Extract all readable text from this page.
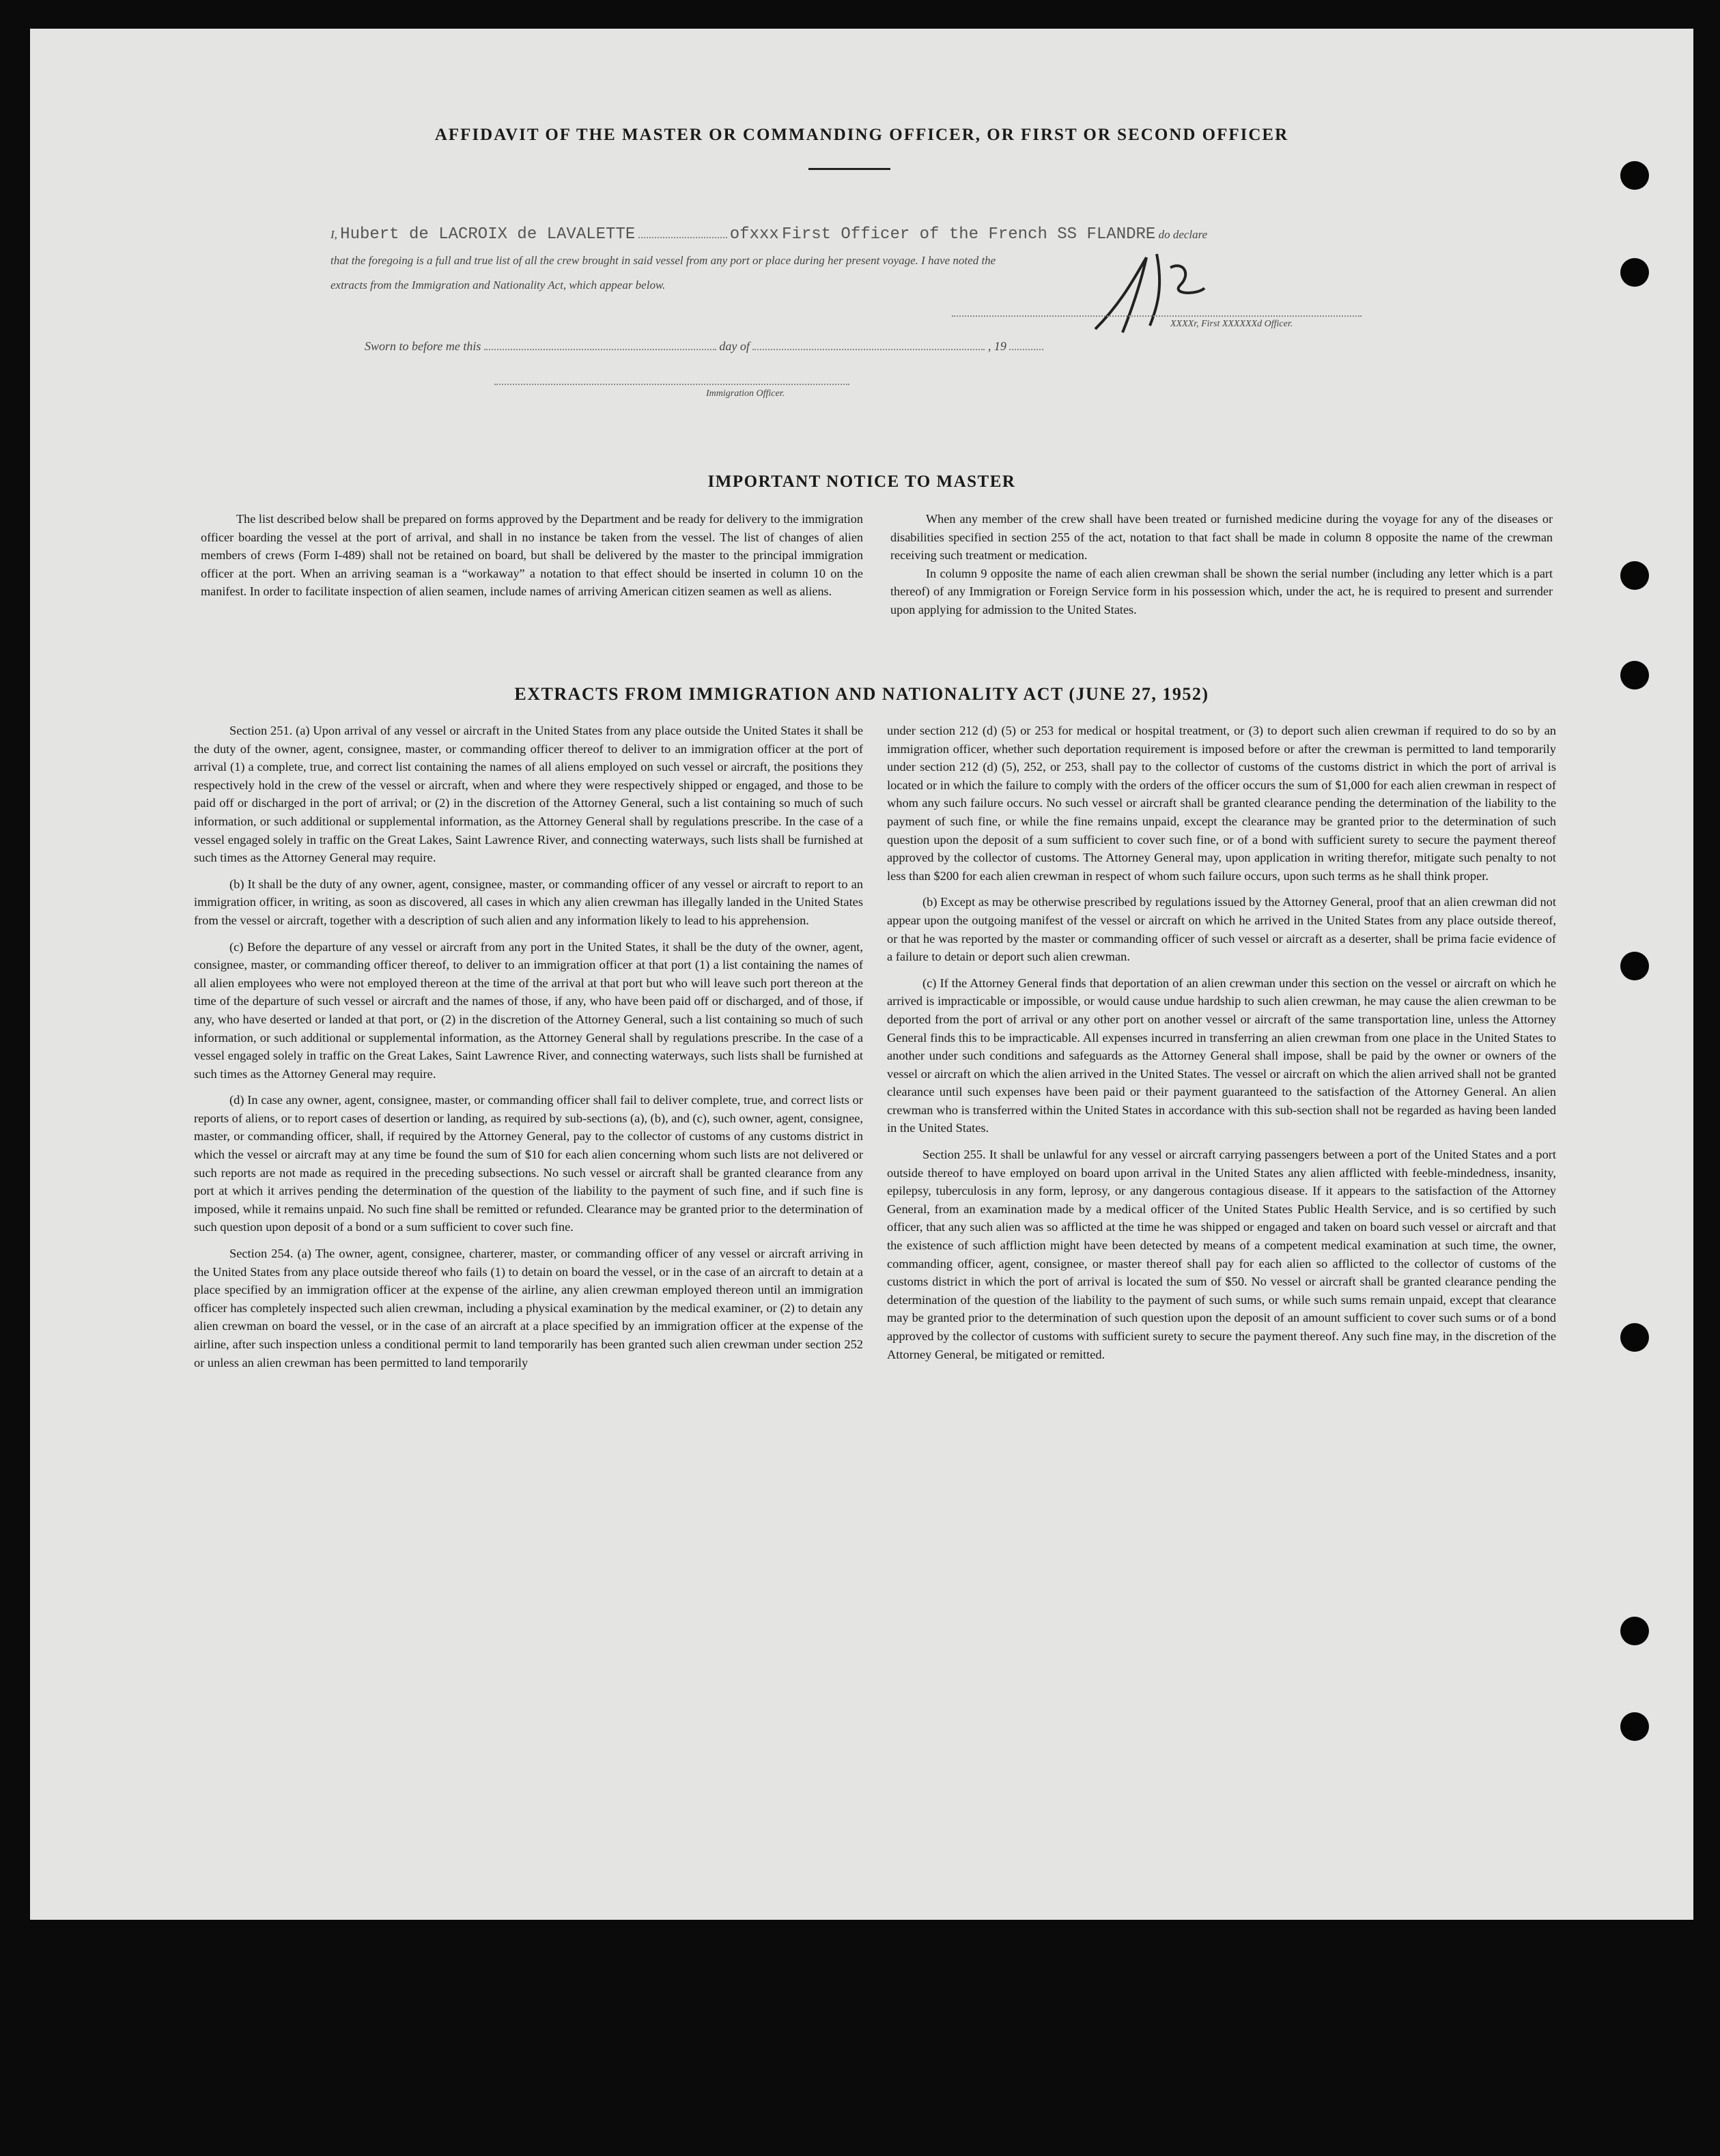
AFFIDAVIT OF THE MASTER OR COMMANDING OFFICER, OR FIRST OR SECOND OFFICER
I, Hubert de LACROIX de LAVALETTE	ofxxx First Officer of the French SS FLANDRE do declare
that the foregoing is a full and true list of all the crew brought in said vessel from any port or place during her present voyage. I have noted the
extracts from the Immigration and Nationality Act, which appear below.
XXXXr, First XXXXXXd Officer.
Sworn to before me this	day of	, 19
Immigration Officer.
IMPORTANT NOTICE TO MASTER

The list described below shall be prepared on forms approved by the Department and be ready for delivery to the immigration officer boarding the vessel at the port of arrival, and shall in no instance be taken from the vessel. The list of changes of alien members of crews (Form I-489) shall not be retained on board, but shall be delivered by the master to the principal immigration officer at the port. When an arriving seaman is a “workaway” a notation to that effect should be inserted in column 10 on the manifest. In order to facilitate inspection of alien seamen, include names of arriving American citizen seamen as well as aliens.

When any member of the crew shall have been treated or furnished medicine during the voyage for any of the diseases or disabilities specified in section 255 of the act, notation to that fact shall be made in column 8 opposite the name of the crewman receiving such treatment or medication.

In column 9 opposite the name of each alien crewman shall be shown the serial number (including any letter which is a part thereof) of any Immigration or Foreign Service form in his possession which, under the act, he is required to present and surrender upon applying for admission to the United States.

EXTRACTS FROM IMMIGRATION AND NATIONALITY ACT (JUNE 27, 1952)

Section 251. (a) Upon arrival of any vessel or aircraft in the United States from any place outside the United States it shall be the duty of the owner, agent, consignee, master, or commanding officer thereof to deliver to an immigration officer at the port of arrival (1) a complete, true, and correct list containing the names of all aliens employed on such vessel or aircraft, the positions they respectively hold in the crew of the vessel or aircraft, when and where they were respectively shipped or engaged, and those to be paid off or discharged in the port of arrival; or (2) in the discretion of the Attorney General, such a list containing so much of such information, or such additional or supplemental information, as the Attorney General shall by regulations prescribe. In the case of a vessel engaged solely in traffic on the Great Lakes, Saint Lawrence River, and connecting waterways, such lists shall be furnished at such times as the Attorney General may require.

(b) It shall be the duty of any owner, agent, consignee, master, or commanding officer of any vessel or aircraft to report to an immigration officer, in writing, as soon as discovered, all cases in which any alien crewman has illegally landed in the United States from the vessel or aircraft, together with a description of such alien and any information likely to lead to his apprehension.

(c) Before the departure of any vessel or aircraft from any port in the United States, it shall be the duty of the owner, agent, consignee, master, or commanding officer thereof, to deliver to an immigration officer at that port (1) a list containing the names of all alien employees who were not employed thereon at the time of the arrival at that port but who will leave such port thereon at the time of the departure of such vessel or aircraft and the names of those, if any, who have been paid off or discharged, and of those, if any, who have deserted or landed at that port, or (2) in the discretion of the Attorney General, such a list containing so much of such information, or such additional or supplemental information, as the Attorney General shall by regulations prescribe. In the case of a vessel engaged solely in traffic on the Great Lakes, Saint Lawrence River, and connecting waterways, such lists shall be furnished at such times as the Attorney General may require.

(d) In case any owner, agent, consignee, master, or commanding officer shall fail to deliver complete, true, and correct lists or reports of aliens, or to report cases of desertion or landing, as required by sub-sections (a), (b), and (c), such owner, agent, consignee, master, or commanding officer, shall, if required by the Attorney General, pay to the collector of customs of any customs district in which the vessel or aircraft may at any time be found the sum of $10 for each alien concerning whom such lists are not delivered or such reports are not made as required in the preceding subsections. No such vessel or aircraft shall be granted clearance from any port at which it arrives pending the determination of the question of the liability to the payment of such fine, and if such fine is imposed, while it remains unpaid. No such fine shall be remitted or refunded. Clearance may be granted prior to the determination of such question upon deposit of a bond or a sum sufficient to cover such fine.

Section 254. (a) The owner, agent, consignee, charterer, master, or commanding officer of any vessel or aircraft arriving in the United States from any place outside thereof who fails (1) to detain on board the vessel, or in the case of an aircraft to detain at a place specified by an immigration officer at the expense of the airline, any alien crewman employed thereon until an immigration officer has completely inspected such alien crewman, including a physical examination by the medical examiner, or (2) to detain any alien crewman on board the vessel, or in the case of an aircraft at a place specified by an immigration officer at the expense of the airline, after such inspection unless a conditional permit to land temporarily has been granted such alien crewman under section 252 or unless an alien crewman has been permitted to land temporarily

under section 212 (d) (5) or 253 for medical or hospital treatment, or (3) to deport such alien crewman if required to do so by an immigration officer, whether such deportation requirement is imposed before or after the crewman is permitted to land temporarily under section 212 (d) (5), 252, or 253, shall pay to the collector of customs of the customs district in which the port of arrival is located or in which the failure to comply with the orders of the officer occurs the sum of $1,000 for each alien crewman in respect of whom any such failure occurs. No such vessel or aircraft shall be granted clearance pending the determination of the liability to the payment of such fine, or while the fine remains unpaid, except the clearance may be granted prior to the determination of such question upon the deposit of a sum sufficient to cover such fine, or of a bond with sufficient surety to secure the payment thereof approved by the collector of customs. The Attorney General may, upon application in writing therefor, mitigate such penalty to not less than $200 for each alien crewman in respect of whom such failure occurs, upon such terms as he shall think proper.

(b) Except as may be otherwise prescribed by regulations issued by the Attorney General, proof that an alien crewman did not appear upon the outgoing manifest of the vessel or aircraft on which he arrived in the United States from any place outside thereof, or that he was reported by the master or commanding officer of such vessel or aircraft as a deserter, shall be prima facie evidence of a failure to detain or deport such alien crewman.

(c) If the Attorney General finds that deportation of an alien crewman under this section on the vessel or aircraft on which he arrived is impracticable or impossible, or would cause undue hardship to such alien crewman, he may cause the alien crewman to be deported from the port of arrival or any other port on another vessel or aircraft of the same transportation line, unless the Attorney General finds this to be impracticable. All expenses incurred in transferring an alien crewman from one place in the United States to another under such conditions and safeguards as the Attorney General shall impose, shall be paid by the owner or owners of the vessel or aircraft on which the alien arrived in the United States. The vessel or aircraft on which the alien arrived shall not be granted clearance until such expenses have been paid or their payment guaranteed to the satisfaction of the Attorney General. An alien crewman who is transferred within the United States in accordance with this sub-section shall not be regarded as having been landed in the United States.

Section 255. It shall be unlawful for any vessel or aircraft carrying passengers between a port of the United States and a port outside thereof to have employed on board upon arrival in the United States any alien afflicted with feeble-mindedness, insanity, epilepsy, tuberculosis in any form, leprosy, or any dangerous contagious disease. If it appears to the satisfaction of the Attorney General, from an examination made by a medical officer of the United States Public Health Service, and is so certified by such officer, that any such alien was so afflicted at the time he was shipped or engaged and taken on board such vessel or aircraft and that the existence of such affliction might have been detected by means of a competent medical examination at such time, the owner, commanding officer, agent, consignee, or master thereof shall pay for each alien so afflicted to the collector of customs of the customs district in which the port of arrival is located the sum of $50. No vessel or aircraft shall be granted clearance pending the determination of the question of the liability to the payment of such sums, or while such sums remain unpaid, except that clearance may be granted prior to the determination of such question upon the deposit of an amount sufficient to cover such sums or of a bond approved by the collector of customs with sufficient surety to secure the payment thereof. Any such fine may, in the discretion of the Attorney General, be mitigated or remitted.
